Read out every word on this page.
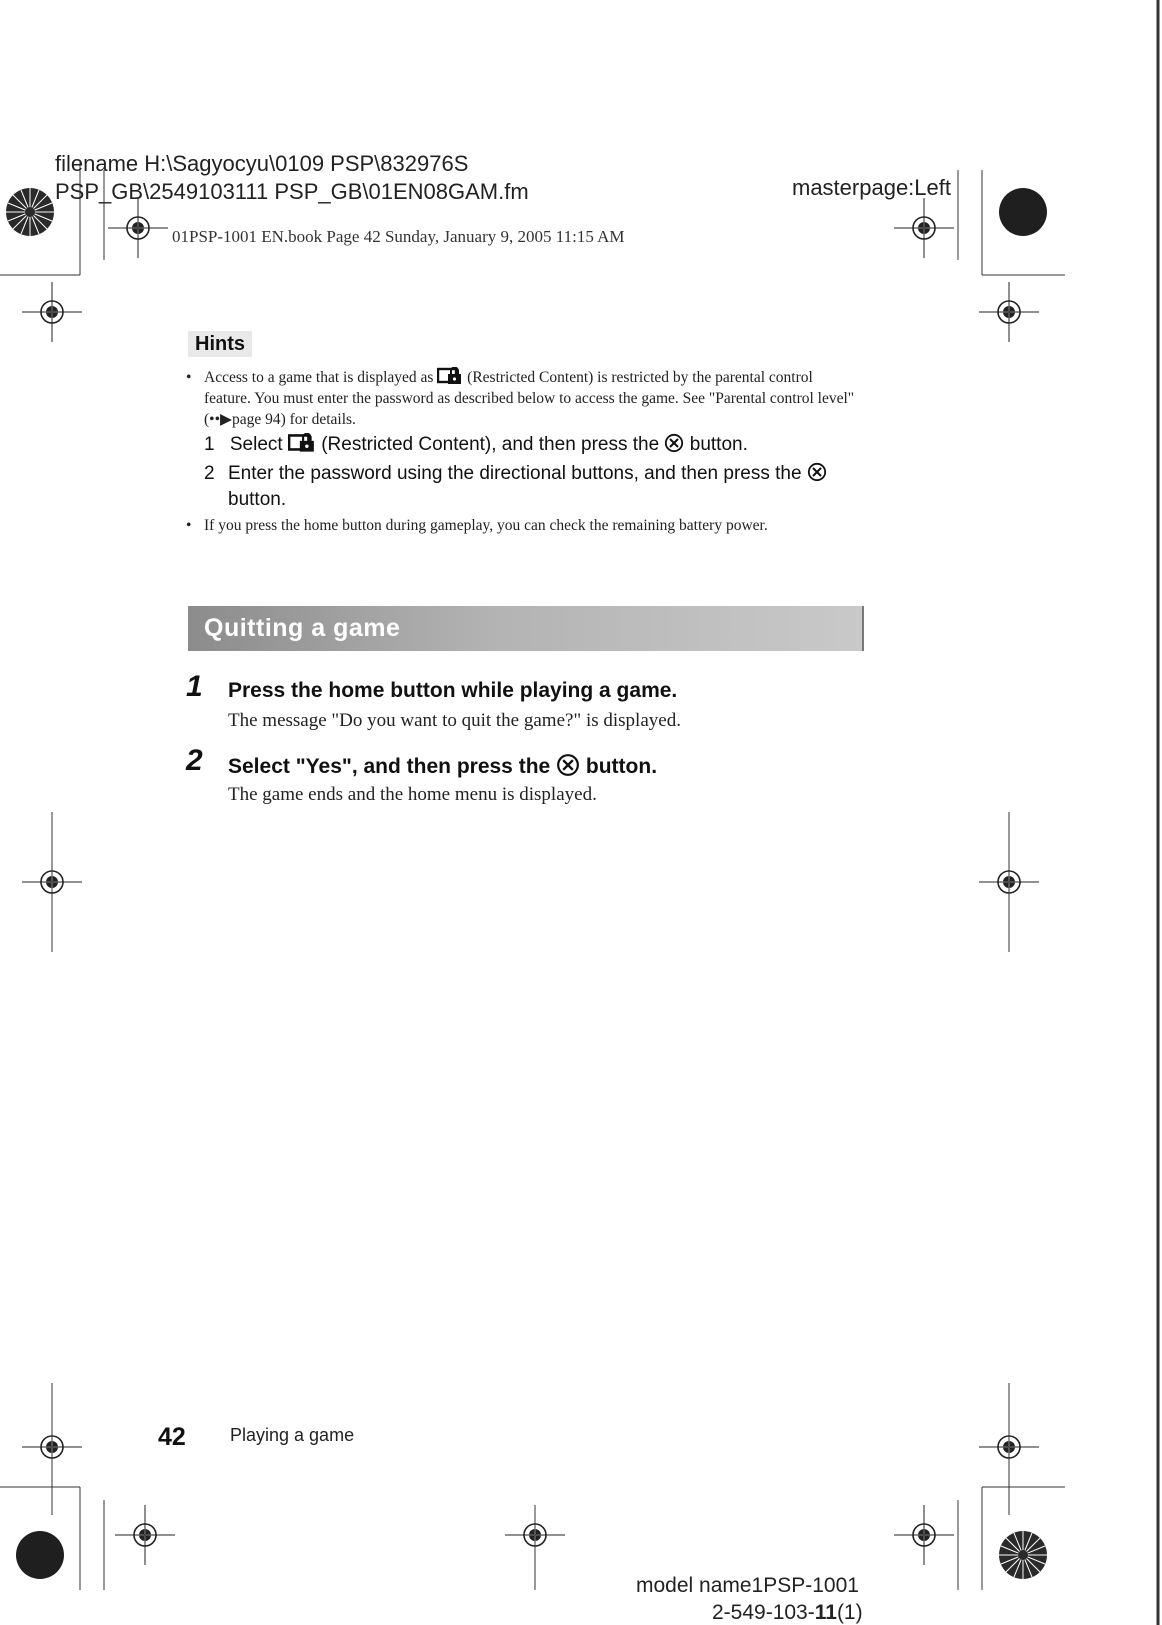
filename H:\Sagyocyu\0109 PSP\832976S
PSP_GB\2549103111 PSP_GB\01EN08GAM.fm	masterpage:Left
01PSP-1001 EN.book Page 42 Sunday, January 9, 2005 11:15 AM
Hints
• Access to a game that is displayed as (Restricted Content) is restricted by the parental control feature. You must enter the password as described below to access the game. See "Parental control level" (••▶page 94) for details.
1 Select (Restricted Content), and then press the button.
2 Enter the password using the directional buttons, and then press the  button.
• If you press the home button during gameplay, you can check the remaining battery power.
Quitting a game
1 Press the home button while playing a game.
The message "Do you want to quit the game?" is displayed.
2 Select "Yes", and then press the button.
The game ends and the home menu is displayed.
42 Playing a game
model name1PSP-1001
2-549-103-11(1)
